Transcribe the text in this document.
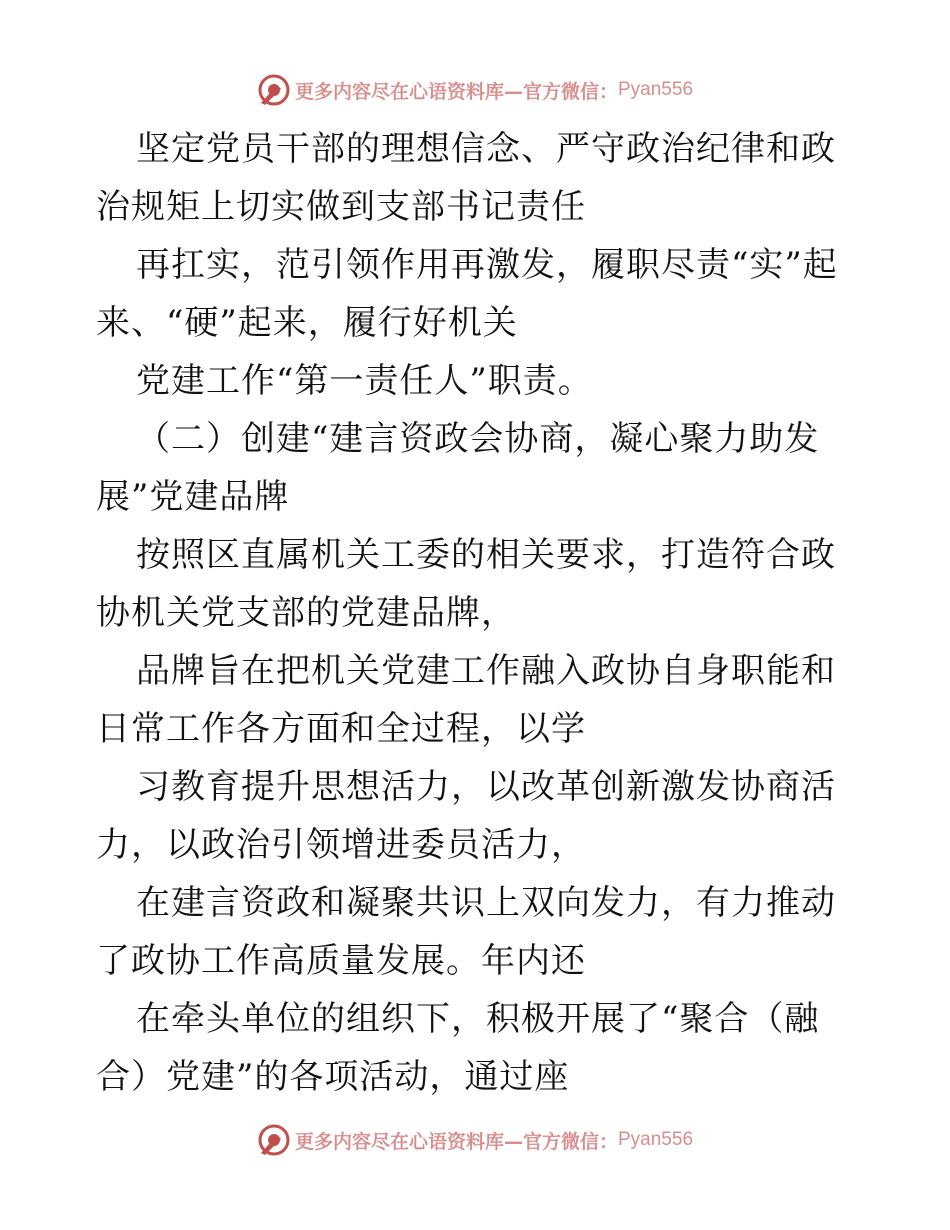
更多内容尽在心语资料库—官方微信： Pyan556

坚定党员干部的理想信念、严守政治纪律和政治规矩上切实做到支部书记责任

再扛实，范引领作用再激发，履职尽责“实”起来、“硬”起来，履行好机关

党建工作“第一责任人”职责。

（二）创建“建言资政会协商，凝心聚力助发展”党建品牌

按照区直属机关工委的相关要求，打造符合政协机关党支部的党建品牌，

品牌旨在把机关党建工作融入政协自身职能和日常工作各方面和全过程，以学

习教育提升思想活力，以改革创新激发协商活力，以政治引领增进委员活力，

在建言资政和凝聚共识上双向发力，有力推动了政协工作高质量发展。年内还

在牵头单位的组织下，积极开展了“聚合（融合）党建”的各项活动，通过座

更多内容尽在心语资料库—官方微信： Pyan556
